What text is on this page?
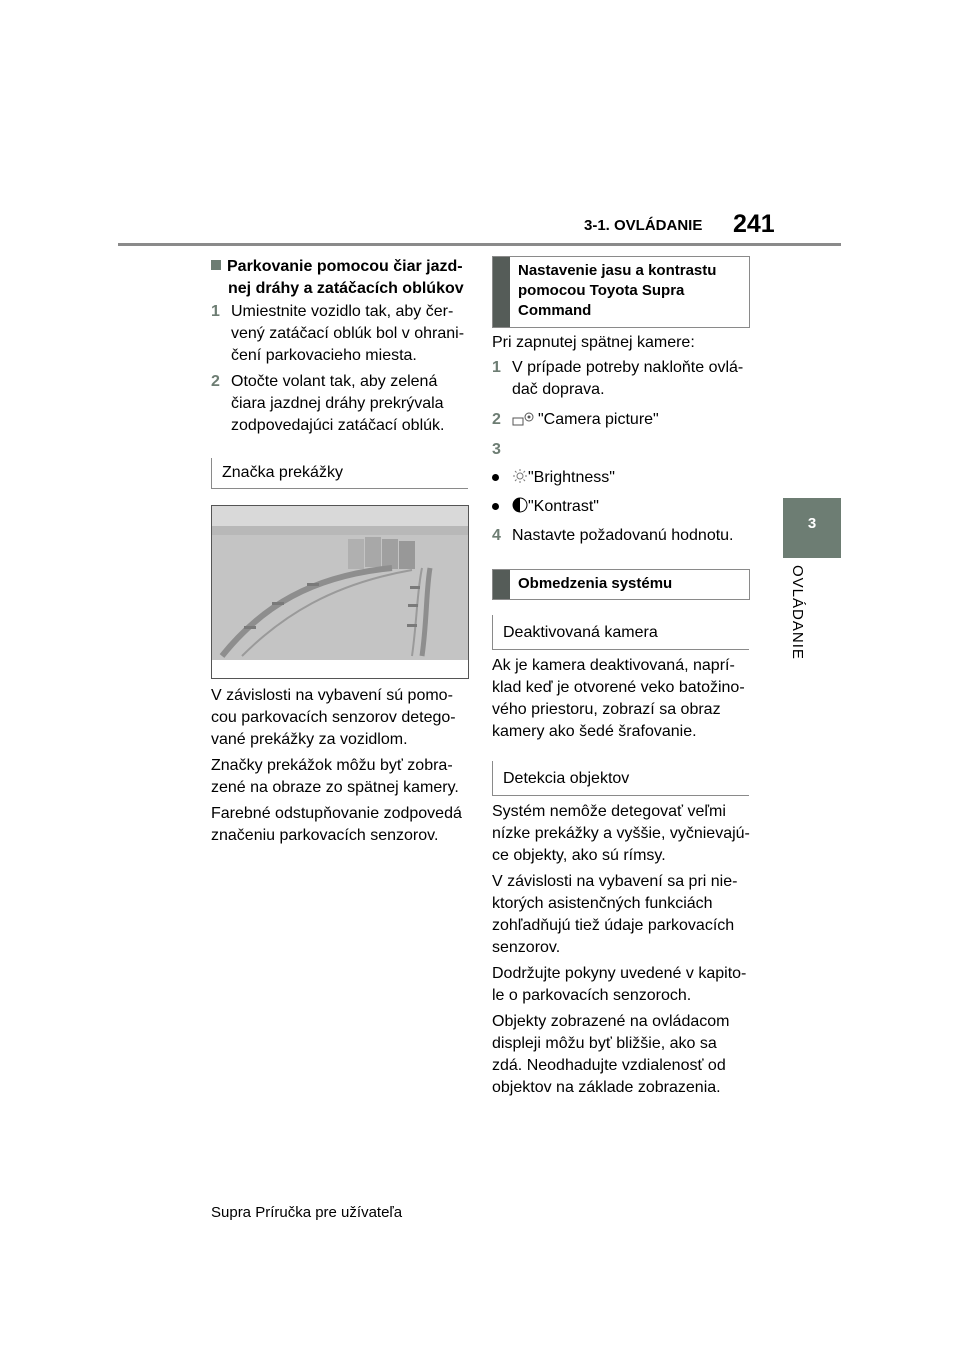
3-1. OVLÁDANIE 241
3
OVLÁDANIE
Parkovanie pomocou čiar jazd-
nej dráhy a zatáčacích oblúkov
1 Umiestnite vozidlo tak, aby čer-
vený zatáčací oblúk bol v ohrani-
čení parkovacieho miesta.
2 Otočte volant tak, aby zelená
čiara jazdnej dráhy prekrývala
zodpovedajúci zatáčací oblúk.
Značka prekážky
V závislosti na vybavení sú pomo-
cou parkovacích senzorov detego-
vané prekážky za vozidlom.
Značky prekážok môžu byť zobra-
zené na obraze zo spätnej kamery.
Farebné odstupňovanie zodpovedá
značeniu parkovacích senzorov.
Nastavenie jasu a kontrastu
pomocou Toyota Supra
Command
Pri zapnutej spätnej kamere:
1 V prípade potreby nakloňte ovlá-
dač doprava.
2	"Camera picture"
3
"Brightness"
"Kontrast"
4 Nastavte požadovanú hodnotu.
Obmedzenia systému
Deaktivovaná kamera
Ak je kamera deaktivovaná, naprí-
klad keď je otvorené veko batožino-
vého priestoru, zobrazí sa obraz
kamery ako šedé šrafovanie.
Detekcia objektov
Systém nemôže detegovať veľmi
nízke prekážky a vyššie, vyčnievajú-
ce objekty, ako sú rímsy.
V závislosti na vybavení sa pri nie-
ktorých asistenčných funkciách
zohľadňujú tiež údaje parkovacích
senzorov.
Dodržujte pokyny uvedené v kapito-
le o parkovacích senzoroch.
Objekty zobrazené na ovládacom
displeji môžu byť bližšie, ako sa
zdá. Neodhadujte vzdialenosť od
objektov na základe zobrazenia.
Supra Príručka pre užívateľa
